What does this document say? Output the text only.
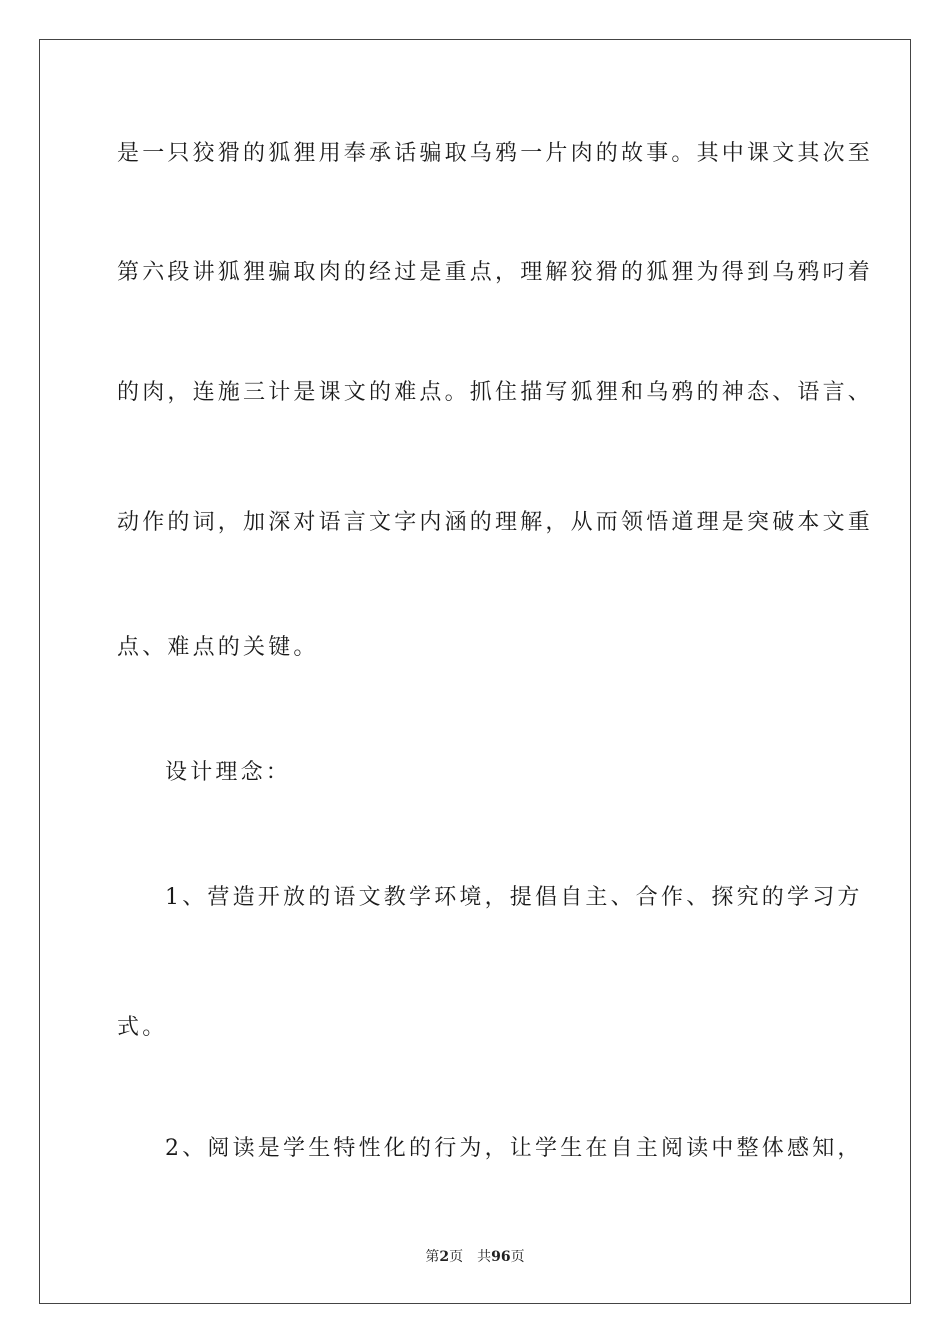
是一只狡猾的狐狸用奉承话骗取乌鸦一片肉的故事。其中课文其次至
第六段讲狐狸骗取肉的经过是重点，理解狡猾的狐狸为得到乌鸦叼着
的肉，连施三计是课文的难点。抓住描写狐狸和乌鸦的神态、语言、
动作的词，加深对语言文字内涵的理解，从而领悟道理是突破本文重
点、难点的关键。
设计理念：
1、营造开放的语文教学环境，提倡自主、合作、探究的学习方
式。
2、阅读是学生特性化的行为，让学生在自主阅读中整体感知，
第2页 共96页
